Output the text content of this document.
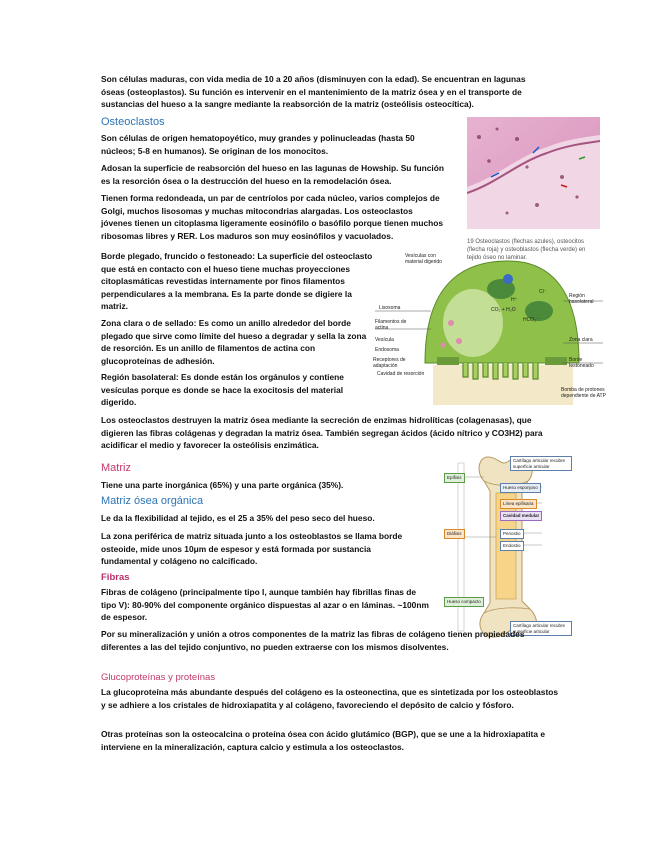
Son células maduras, con vida media de 10 a 20 años (disminuyen con la edad). Se encuentran en lagunas óseas (osteoplastos). Su función es intervenir en el mantenimiento de la matriz ósea y en el transporte de sustancias del hueso a la sangre mediante la reabsorción de la matriz (osteólisis osteocítica).

Osteoclastos

Son células de origen hematopoyético, muy grandes y polinucleadas (hasta 50 núcleos; 5-8 en humanos). Se originan de los monocitos.

Adosan la superficie de reabsorción del hueso en las lagunas de Howship. Su función es la resorción ósea o la destrucción del hueso en la remodelación ósea.

Tienen forma redondeada, un par de centríolos por cada núcleo, varios complejos de Golgi, muchos lisosomas y muchas mitocondrias alargadas. Los osteoclastos jóvenes tienen un citoplasma ligeramente eosinófilo o basófilo porque tienen muchos ribosomas libres y RER. Los maduros son muy eosinófilos y vacuolados.

Borde plegado, fruncido o festoneado: La superficie del osteoclasto que está en contacto con el hueso tiene muchas proyecciones citoplasmáticas revestidas internamente por finos filamentos perpendiculares a la membrana. Es la parte donde se digiere la matriz.

Zona clara o de sellado: Es como un anillo alrededor del borde plegado que sirve como límite del hueso a degradar y sella la zona de resorción. Es un anillo de filamentos de actina con glucoproteínas de adhesión.

Región basolateral: Es donde están los orgánulos y contiene vesículas porque es donde se hace la exocitosis del material digerido.

Los osteoclastos destruyen la matriz ósea mediante la secreción de enzimas hidrolíticas (colagenasas), que digieren las fibras colágenas y degradan la matriz ósea. También segregan ácidos (ácido nítrico y CO3H2) para acidificar el medio y favorecer la osteólisis enzimática.

19 Osteoclastos (flechas azules), osteocitos (flecha roja) y osteoblastos (flecha verde) en tejido óseo no laminar.

Vesículas con material digerido
Lisosoma
Filamentos de actina
Vesícula
Endosoma
Receptores de adaptación
Cavidad de resorción
Región basolateral
Zona clara
Borde festoneado
Bomba de protones dependiente de ATP
CO₂ + H₂O
H⁺
HCO₃⁻
Cl⁻
Matriz

Tiene una parte inorgánica (65%) y una parte orgánica (35%).

Matriz ósea orgánica

Le da la flexibilidad al tejido, es el 25 a 35% del peso seco del hueso.

La zona periférica de matriz situada junto a los osteoblastos se llama borde osteoide, mide unos 10μm de espesor y está formada por sustancia fundamental y colágeno no calcificado.

Cartílago articular recubre superficie articular
Epífisis
Hueso esponjoso
Línea epifisaria
Cavidad medular
Diáfisis	Periostio
Endostio
Hueso compacto
Cartílago articular recubre superficie articular
Fibras

Fibras de colágeno (principalmente tipo I, aunque también hay fibrillas finas de tipo V): 80-90% del componente orgánico dispuestas al azar o en láminas. ~100nm de espesor.

Por su mineralización y unión a otros componentes de la matriz las fibras de colágeno tienen propiedades diferentes a las del tejido conjuntivo, no pueden extraerse con los mismos disolventes.

Glucoproteínas y proteínas

La glucoproteína más abundante después del colágeno es la osteonectina, que es sintetizada por los osteoblastos y se adhiere a los cristales de hidroxiapatita y al colágeno, favoreciendo el depósito de calcio y fósforo.

Otras proteínas son la osteocalcina o proteína ósea con ácido glutámico (BGP), que se une a la hidroxiapatita e interviene en la mineralización, captura calcio y estimula a los osteoclastos.
